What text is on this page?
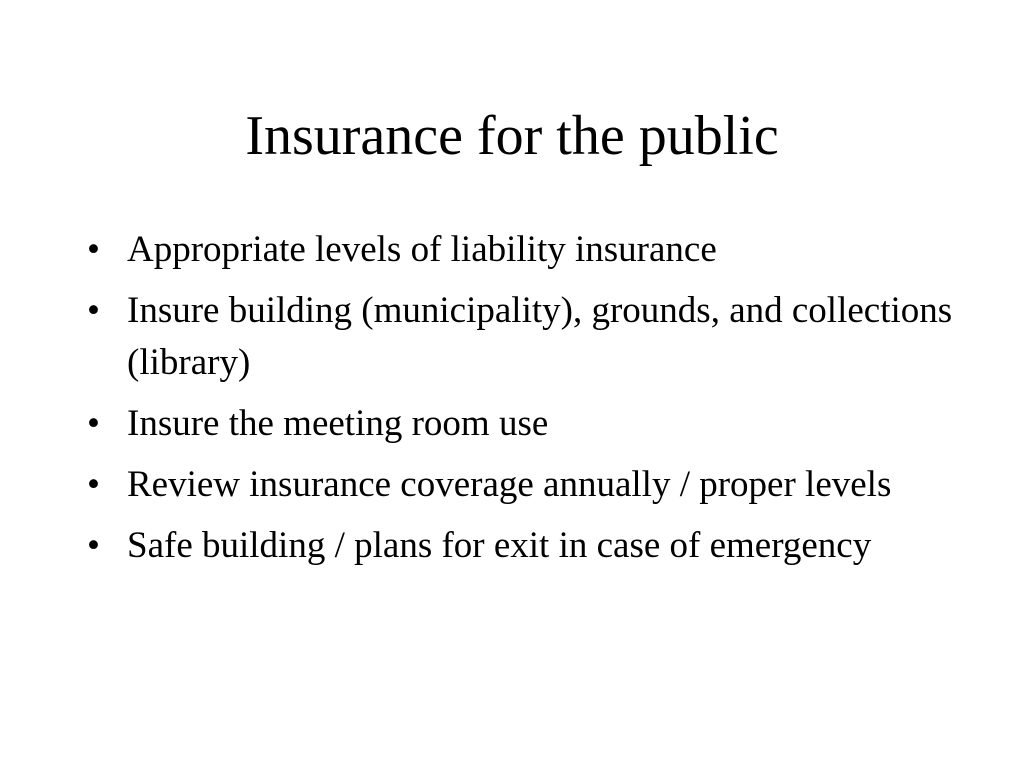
Insurance for the public
• Appropriate levels of liability insurance
• Insure building (municipality), grounds, and collections (library)
• Insure the meeting room use
• Review insurance coverage annually / proper levels
• Safe building / plans for exit in case of emergency
